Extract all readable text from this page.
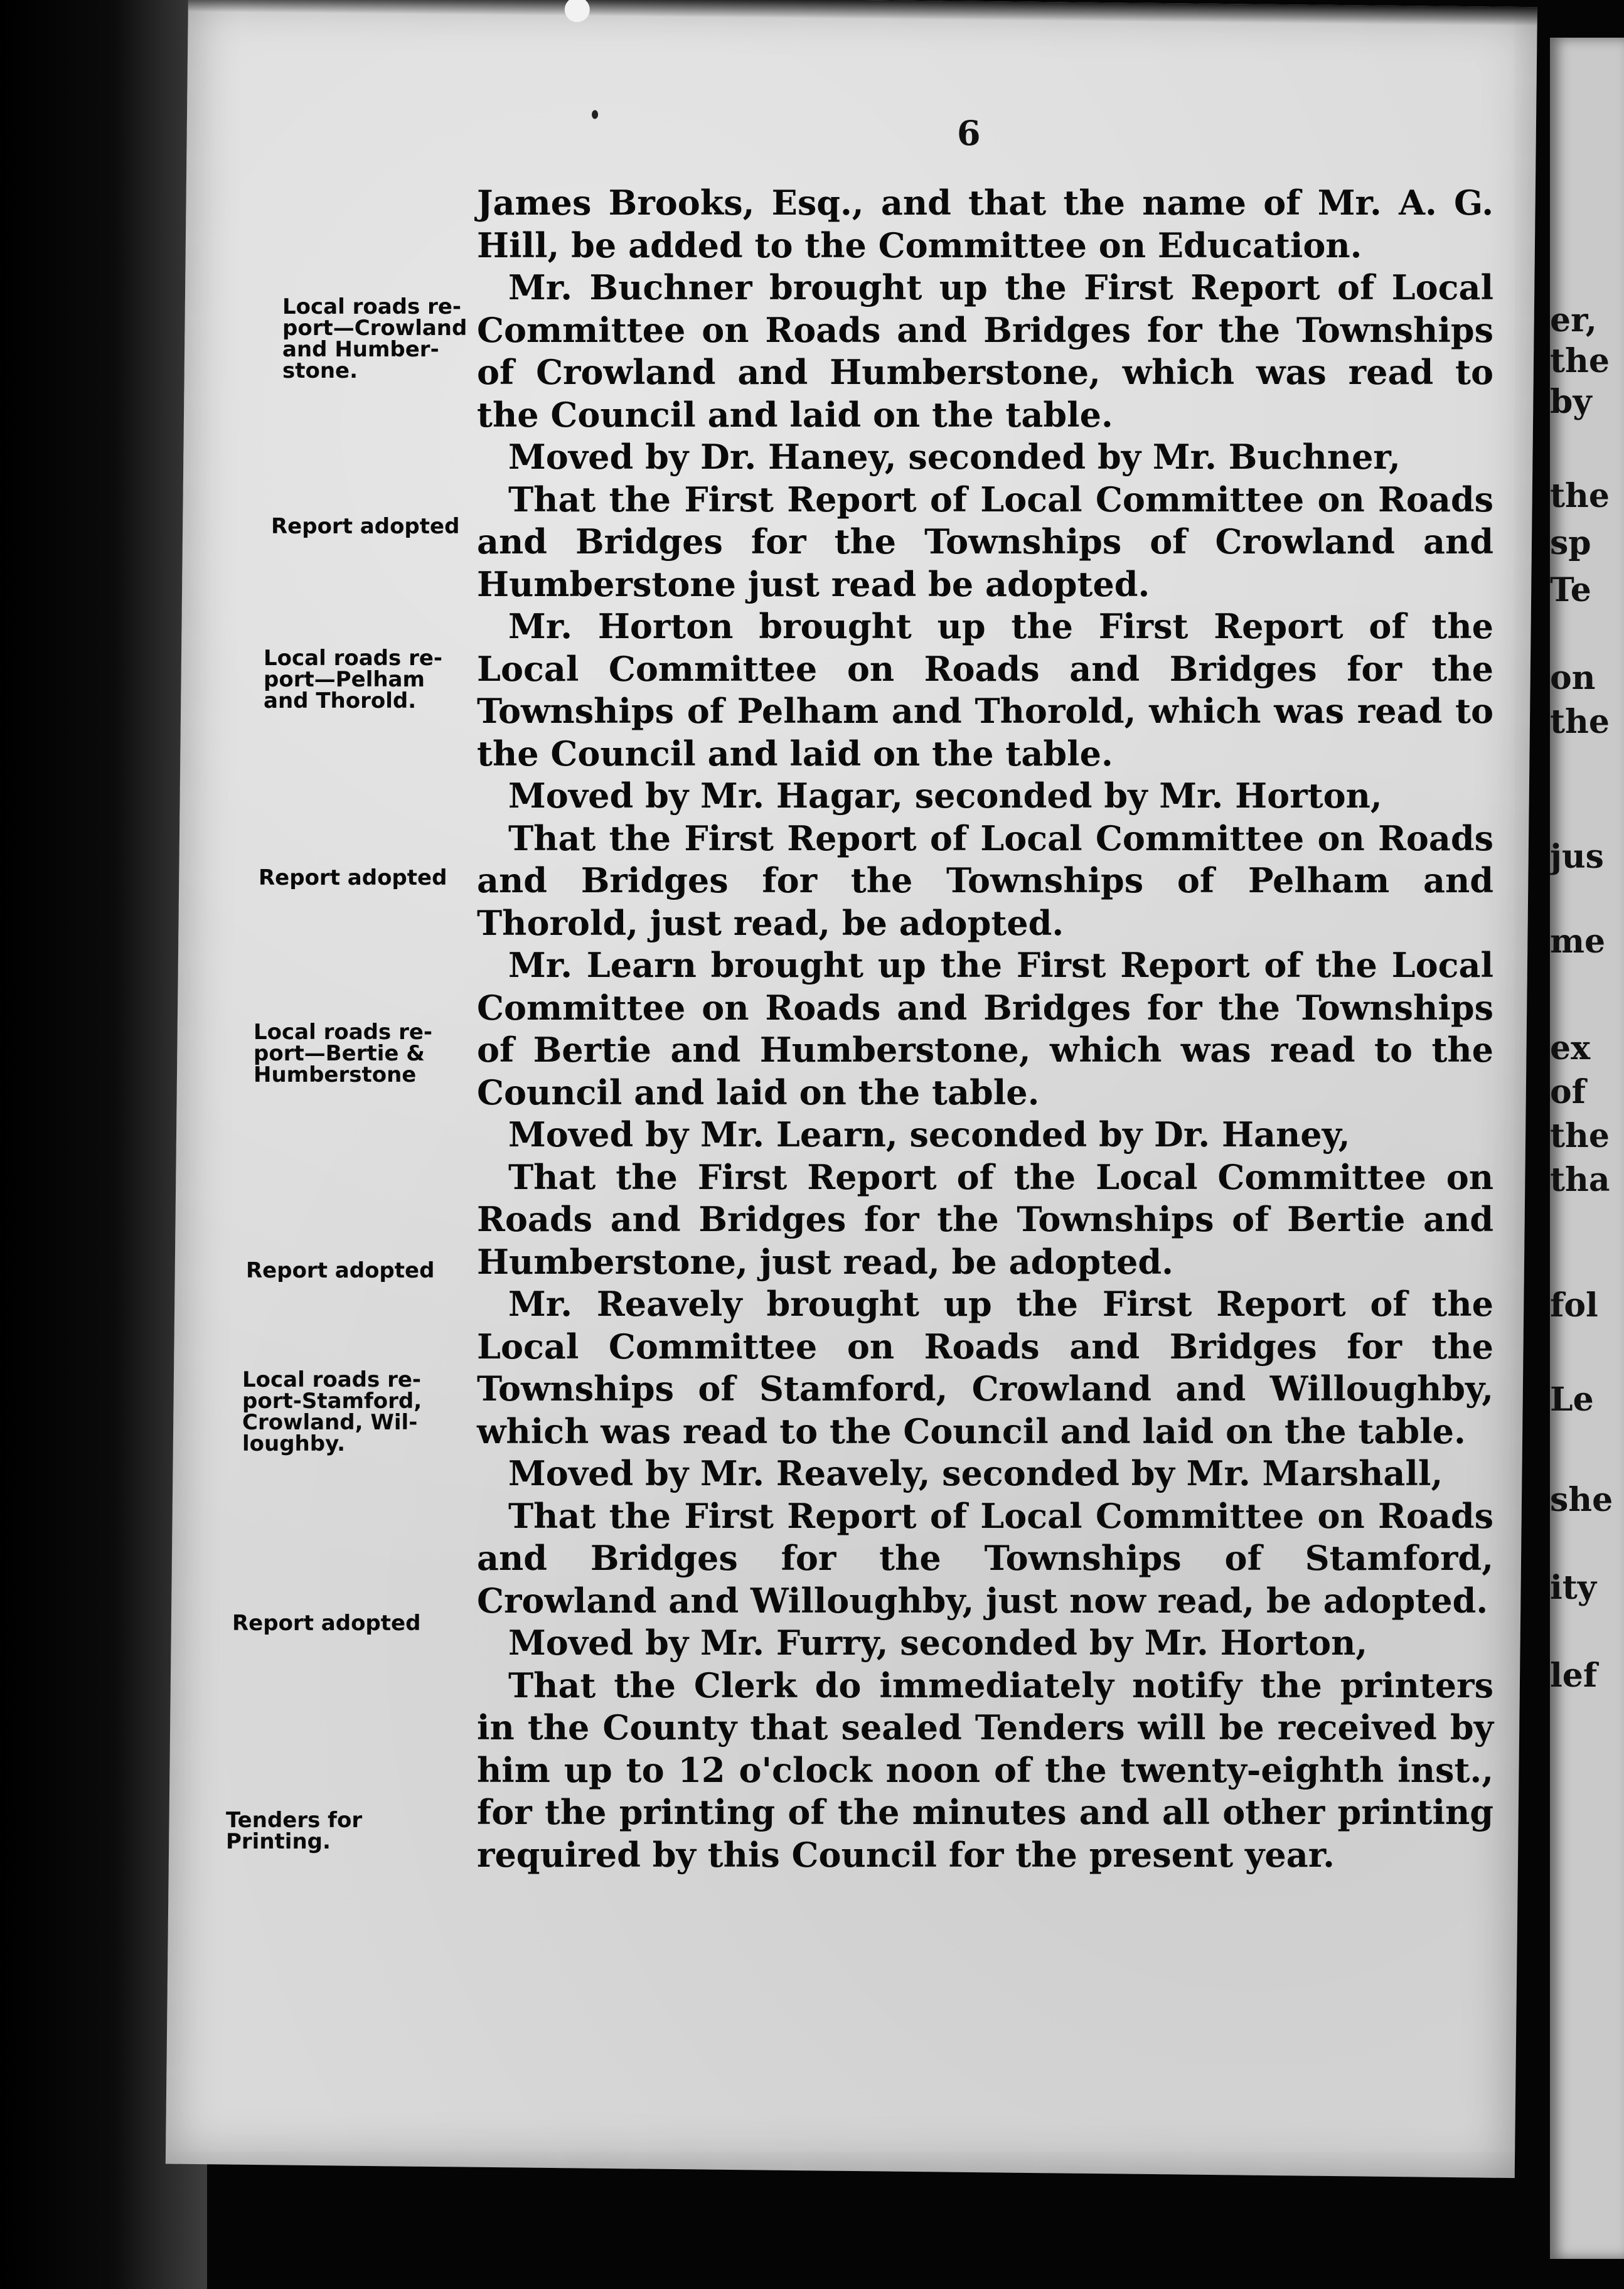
er,
the
by
the
sp
Te
on
the
jus
me
ex
of
the
tha
fol
Le
she
ity
lef
6
Local roads re-
port—Crowland
and Humber-
stone.
Report adopted
Local roads re-
port—Pelham
and Thorold.
Report adopted
Local roads re-
port—Bertie &
Humberstone
Report adopted
Local roads re-
port-Stamford,
Crowland, Wil-
loughby.
Report adopted
Tenders for
Printing.

James Brooks, Esq., and that the name of Mr. A. G. Hill, be added to the Committee on Education.

Mr. Buchner brought up the First Report of Local Committee on Roads and Bridges for the Townships of Crowland and Humberstone, which was read to the Council and laid on the table.

Moved by Dr. Haney, seconded by Mr. Buchner,

That the First Report of Local Committee on Roads and Bridges for the Townships of Crowland and Humberstone just read be adopted.

Mr. Horton brought up the First Report of the Local Committee on Roads and Bridges for the Townships of Pelham and Thorold, which was read to the Council and laid on the table.

Moved by Mr. Hagar, seconded by Mr. Horton,

That the First Report of Local Committee on Roads and Bridges for the Townships of Pelham and Thorold, just read, be adopted.

Mr. Learn brought up the First Report of the Local Committee on Roads and Bridges for the Townships of Bertie and Humberstone, which was read to the Council and laid on the table.

Moved by Mr. Learn, seconded by Dr. Haney,

That the First Report of the Local Committee on Roads and Bridges for the Townships of Bertie and Humberstone, just read, be adopted.

Mr. Reavely brought up the First Report of the Local Committee on Roads and Bridges for the Townships of Stamford, Crowland and Willoughby, which was read to the Council and laid on the table.

Moved by Mr. Reavely, seconded by Mr. Marshall,

That the First Report of Local Committee on Roads and Bridges for the Townships of Stamford, Crowland and Willoughby, just now read, be adopted.

Moved by Mr. Furry, seconded by Mr. Horton,

That the Clerk do immediately notify the printers in the County that sealed Tenders will be received by him up to 12 o'clock noon of the twenty-eighth inst., for the printing of the minutes and all other printing required by this Council for the present year.
